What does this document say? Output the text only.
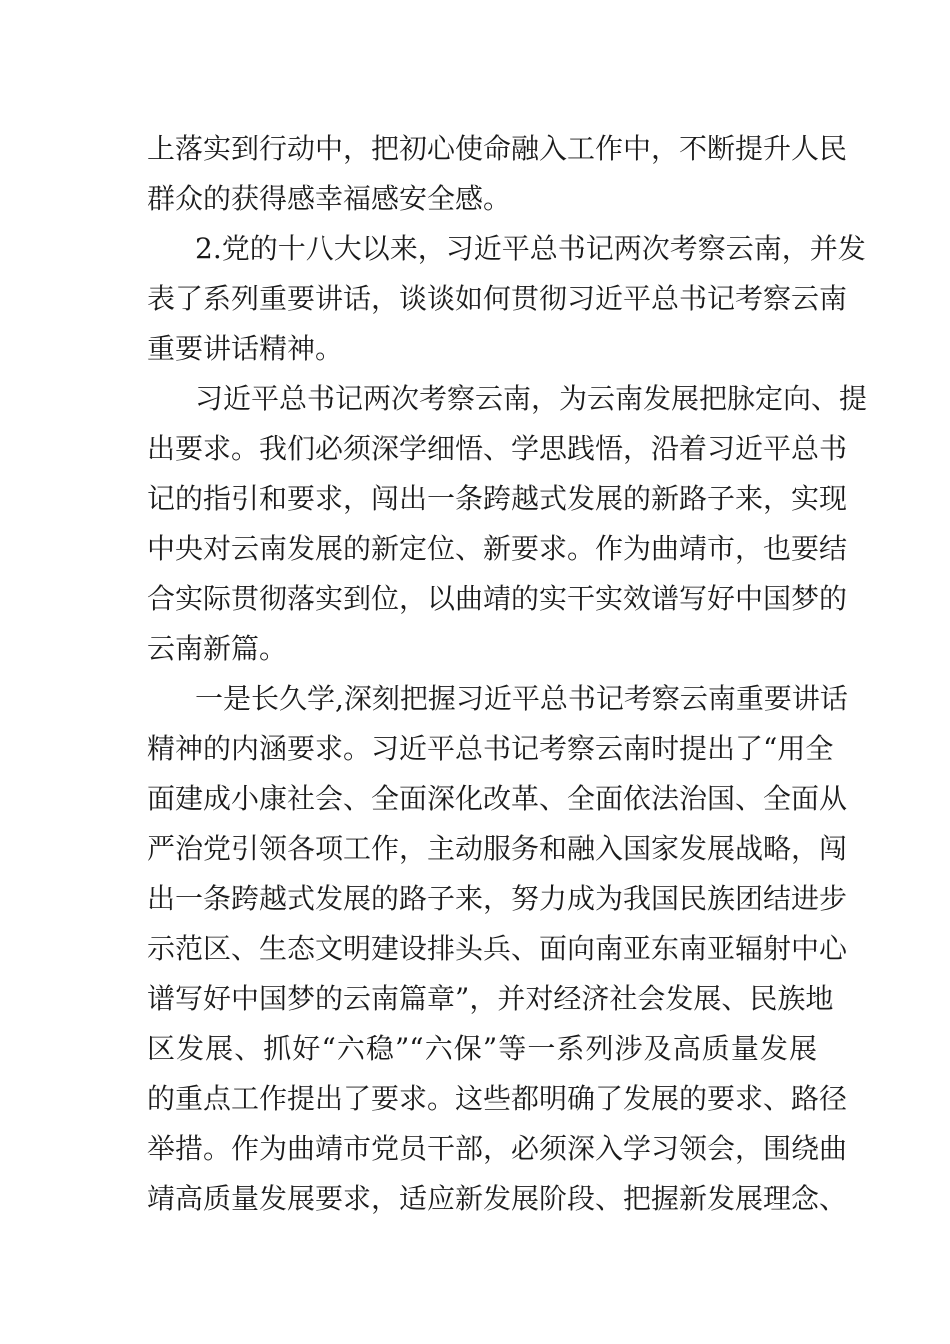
上落实到行动中，把初心使命融入工作中，不断提升人民
群众的获得感幸福感安全感。
2.党的十八大以来，习近平总书记两次考察云南，并发
表了系列重要讲话，谈谈如何贯彻习近平总书记考察云南
重要讲话精神。
习近平总书记两次考察云南，为云南发展把脉定向、提
出要求。我们必须深学细悟、学思践悟，沿着习近平总书
记的指引和要求，闯出一条跨越式发展的新路子来，实现
中央对云南发展的新定位、新要求。作为曲靖市，也要结
合实际贯彻落实到位，以曲靖的实干实效谱写好中国梦的
云南新篇。
一是长久学,深刻把握习近平总书记考察云南重要讲话
精神的内涵要求。习近平总书记考察云南时提出了“用全
面建成小康社会、全面深化改革、全面依法治国、全面从
严治党引领各项工作，主动服务和融入国家发展战略，闯
出一条跨越式发展的路子来，努力成为我国民族团结进步
示范区、生态文明建设排头兵、面向南亚东南亚辐射中心
谱写好中国梦的云南篇章”，并对经济社会发展、民族地
区发展、抓好“六稳”“六保”等一系列涉及高质量发展
的重点工作提出了要求。这些都明确了发展的要求、路径
举措。作为曲靖市党员干部，必须深入学习领会，围绕曲
靖高质量发展要求，适应新发展阶段、把握新发展理念、
